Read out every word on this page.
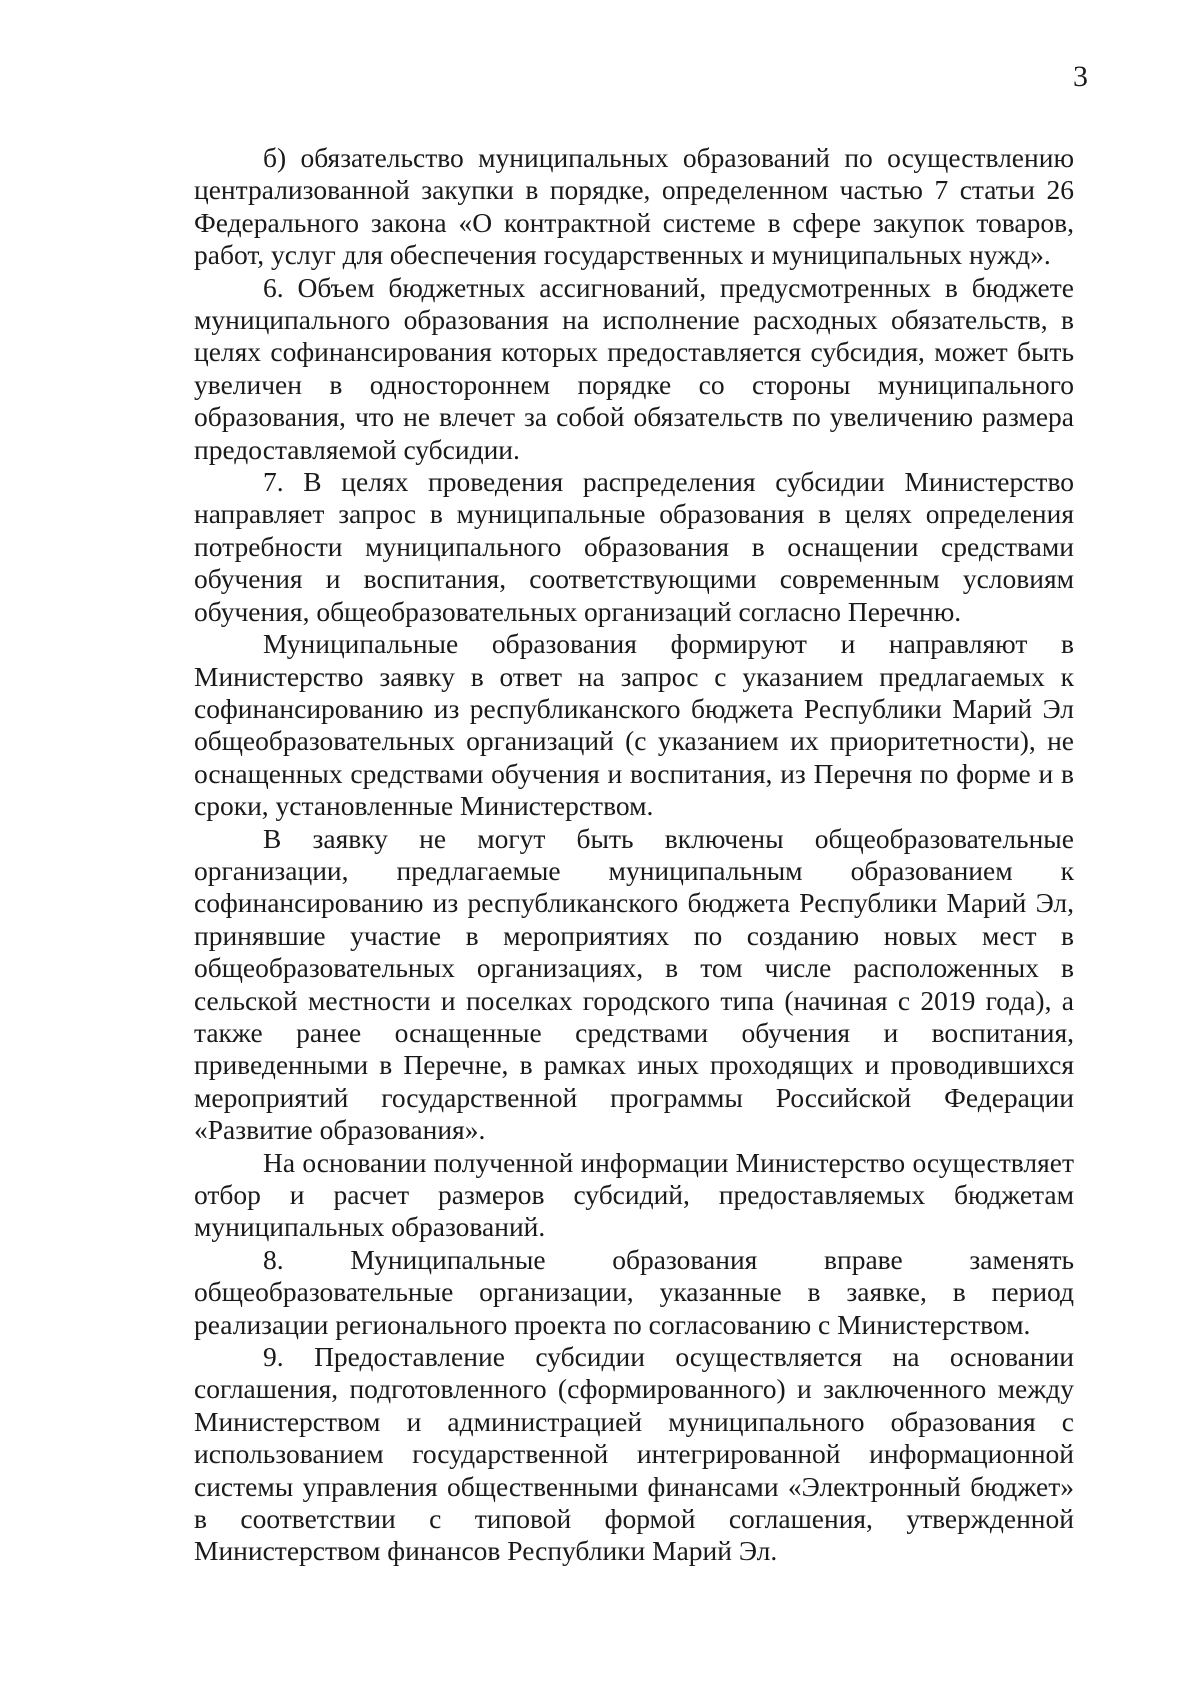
3

б) обязательство муниципальных образований по осуществлению централизованной закупки в порядке, определенном частью 7 статьи 26 Федерального закона «О контрактной системе в сфере закупок товаров, работ, услуг для обеспечения государственных и муниципальных нужд».

6. Объем бюджетных ассигнований, предусмотренных в бюджете муниципального образования на исполнение расходных обязательств, в целях софинансирования которых предоставляется субсидия, может быть увеличен в одностороннем порядке со стороны муниципального образования, что не влечет за собой обязательств по увеличению размера предоставляемой субсидии.

7. В целях проведения распределения субсидии Министерство направляет запрос в муниципальные образования в целях определения потребности муниципального образования в оснащении средствами обучения и воспитания, соответствующими современным условиям обучения, общеобразовательных организаций согласно Перечню.

Муниципальные образования формируют и направляют в Министерство заявку в ответ на запрос с указанием предлагаемых к софинансированию из республиканского бюджета Республики Марий Эл общеобразовательных организаций (с указанием их приоритетности), не оснащенных средствами обучения и воспитания, из Перечня по форме и в сроки, установленные Министерством.

В заявку не могут быть включены общеобразовательные организации, предлагаемые муниципальным образованием к софинансированию из республиканского бюджета Республики Марий Эл, принявшие участие в мероприятиях по созданию новых мест в общеобразовательных организациях, в том числе расположенных в сельской местности и поселках городского типа (начиная с 2019 года), а также ранее оснащенные средствами обучения и воспитания, приведенными в Перечне, в рамках иных проходящих и проводившихся мероприятий государственной программы Российской Федерации «Развитие образования».

На основании полученной информации Министерство осуществляет отбор и расчет размеров субсидий, предоставляемых бюджетам муниципальных образований.

8. Муниципальные образования вправе заменять общеобразовательные организации, указанные в заявке, в период реализации регионального проекта по согласованию с Министерством.

9. Предоставление субсидии осуществляется на основании соглашения, подготовленного (сформированного) и заключенного между Министерством и администрацией муниципального образования с использованием государственной интегрированной информационной системы управления общественными финансами «Электронный бюджет» в соответствии с типовой формой соглашения, утвержденной Министерством финансов Республики Марий Эл.
